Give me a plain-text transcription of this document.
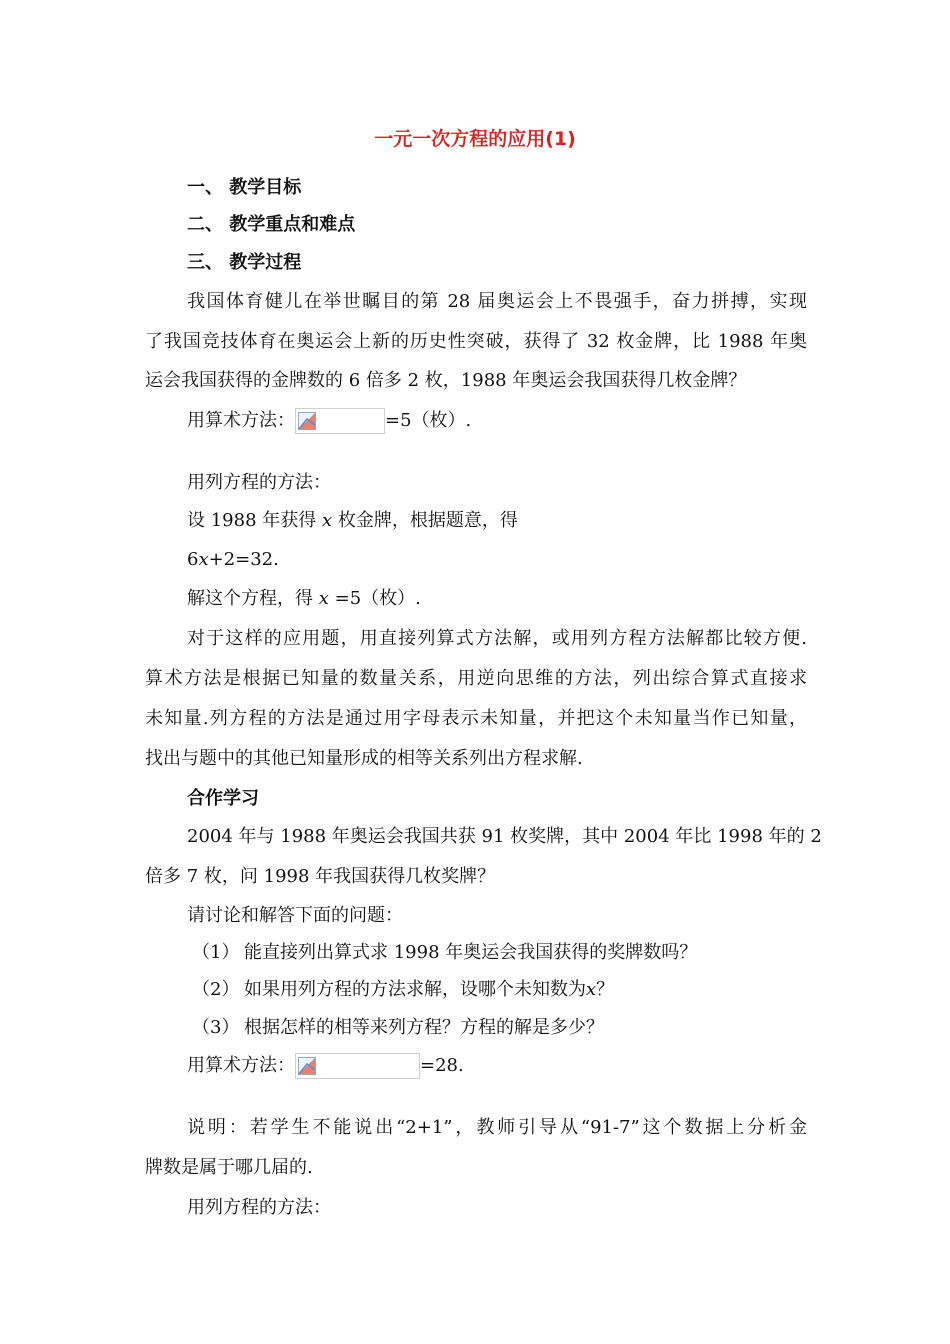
一元一次方程的应用(1)
一、 教学目标
二、 教学重点和难点
三、 教学过程
我国体育健儿在举世瞩目的第 28 届奥运会上不畏强手，奋力拼搏，实现
了我国竞技体育在奥运会上新的历史性突破，获得了 32 枚金牌，比 1988 年奥
运会我国获得的金牌数的 6 倍多 2 枚，1988 年奥运会我国获得几枚金牌？
用算术方法：	=5（枚）.
用列方程的方法：
设 1988 年获得 x 枚金牌，根据题意，得
6x+2=32.
解这个方程，得 x =5（枚）.
对于这样的应用题，用直接列算式方法解，或用列方程方法解都比较方便.
算术方法是根据已知量的数量关系，用逆向思维的方法，列出综合算式直接求
未知量.列方程的方法是通过用字母表示未知量，并把这个未知量当作已知量，
找出与题中的其他已知量形成的相等关系列出方程求解.
合作学习
2004 年与 1988 年奥运会我国共获 91 枚奖牌，其中 2004 年比 1998 年的 2
倍多 7 枚，问 1998 年我国获得几枚奖牌？
请讨论和解答下面的问题：
（1） 能直接列出算式求 1998 年奥运会我国获得的奖牌数吗？
（2） 如果用列方程的方法求解，设哪个未知数为x？
（3） 根据怎样的相等来列方程？方程的解是多少？
用算术方法：	=28.
说明：若学生不能说出“2+1”，教师引导从“91-7”这个数据上分析金
牌数是属于哪几届的.
用列方程的方法：
